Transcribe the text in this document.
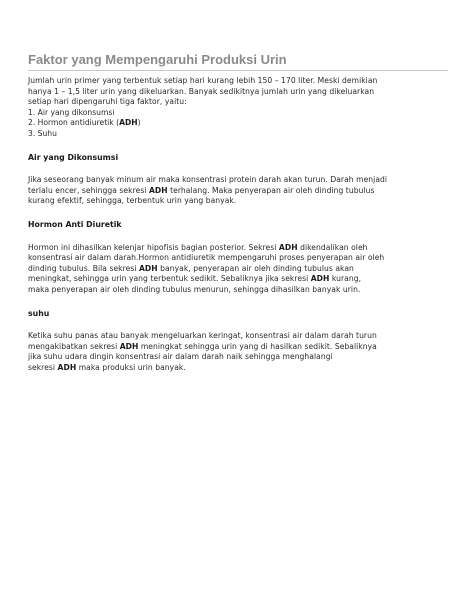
Faktor yang Mempengaruhi Produksi Urin

Jumlah urin primer yang terbentuk setiap hari kurang lebih 150 – 170 liter. Meski demikian

hanya 1 – 1,5 liter urin yang dikeluarkan. Banyak sedikitnya jumlah urin yang dikeluarkan

setiap hari dipengaruhi tiga faktor, yaitu:

1. Air yang dikonsumsi
2. Hormon antidiuretik (ADH)
3. Suhu
Air yang Dikonsumsi

Jika seseorang banyak minum air maka konsentrasi protein darah akan turun. Darah menjadi

terlalu encer, sehingga sekresi ADH terhalang. Maka penyerapan air oleh dinding tubulus

kurang efektif, sehingga, terbentuk urin yang banyak.

Hormon Anti Diuretik

Hormon ini dihasilkan kelenjar hipofisis bagian posterior. Sekresi ADH dikendalikan oleh

konsentrasi air dalam darah.Hormon antidiuretik mempengaruhi proses penyerapan air oleh

dinding tubulus. Bila sekresi ADH banyak, penyerapan air oleh dinding tubulus akan

meningkat, sehingga urin yang terbentuk sedikit. Sebaliknya jika sekresi ADH kurang,

maka penyerapan air oleh dinding tubulus menurun, sehingga dihasilkan banyak urin.

suhu

Ketika suhu panas atau banyak mengeluarkan keringat, konsentrasi air dalam darah turun

mengakibatkan sekresi ADH meningkat sehingga urin yang di hasilkan sedikit. Sebaliknya

jika suhu udara dingin konsentrasi air dalam darah naik sehingga menghalangi

sekresi ADH maka produksi urin banyak.
